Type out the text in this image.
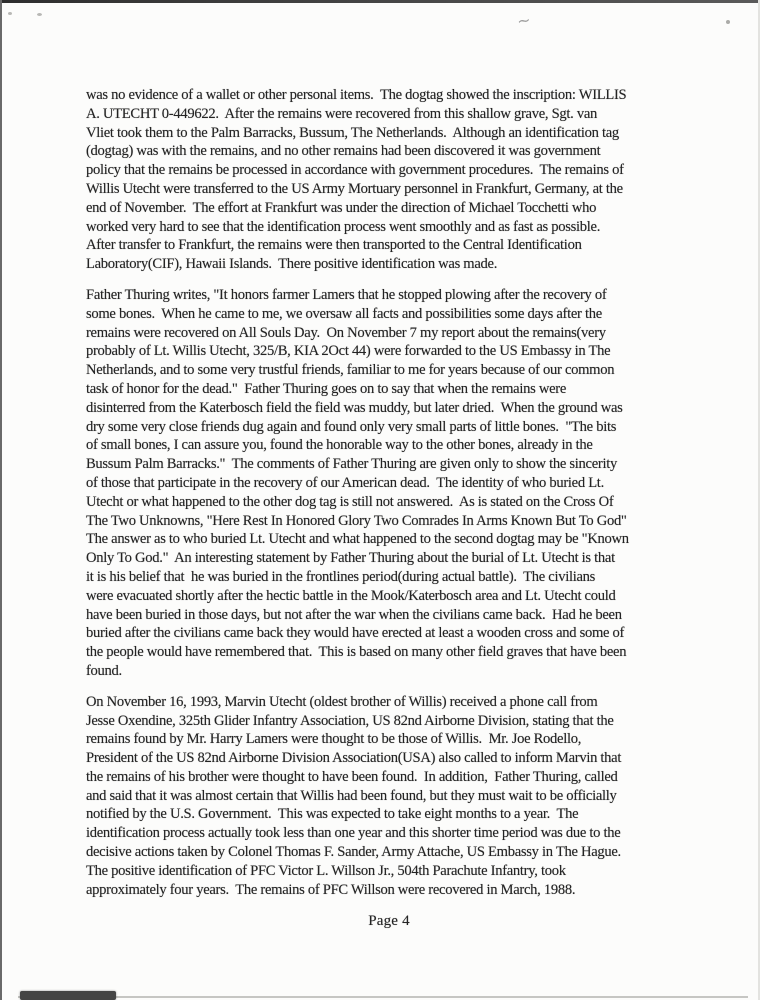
~
was no evidence of a wallet or other personal items.  The dogtag showed the inscription: WILLIS
A. UTECHT 0-449622.  After the remains were recovered from this shallow grave, Sgt. van
Vliet took them to the Palm Barracks, Bussum, The Netherlands.  Although an identification tag
(dogtag) was with the remains, and no other remains had been discovered it was government
policy that the remains be processed in accordance with government procedures.  The remains of
Willis Utecht were transferred to the US Army Mortuary personnel in Frankfurt, Germany, at the
end of November.  The effort at Frankfurt was under the direction of Michael Tocchetti who
worked very hard to see that the identification process went smoothly and as fast as possible.
After transfer to Frankfurt, the remains were then transported to the Central Identification
Laboratory(CIF), Hawaii Islands.  There positive identification was made.
Father Thuring writes, "It honors farmer Lamers that he stopped plowing after the recovery of
some bones.  When he came to me, we oversaw all facts and possibilities some days after the
remains were recovered on All Souls Day.  On November 7 my report about the remains(very
probably of Lt. Willis Utecht, 325/B, KIA 2Oct 44) were forwarded to the US Embassy in The
Netherlands, and to some very trustful friends, familiar to me for years because of our common
task of honor for the dead."  Father Thuring goes on to say that when the remains were
disinterred from the Katerbosch field the field was muddy, but later dried.  When the ground was
dry some very close friends dug again and found only very small parts of little bones.  "The bits
of small bones, I can assure you, found the honorable way to the other bones, already in the
Bussum Palm Barracks."  The comments of Father Thuring are given only to show the sincerity
of those that participate in the recovery of our American dead.  The identity of who buried Lt.
Utecht or what happened to the other dog tag is still not answered.  As is stated on the Cross Of
The Two Unknowns, "Here Rest In Honored Glory Two Comrades In Arms Known But To God"
The answer as to who buried Lt. Utecht and what happened to the second dogtag may be "Known
Only To God."  An interesting statement by Father Thuring about the burial of Lt. Utecht is that
it is his belief that  he was buried in the frontlines period(during actual battle).  The civilians
were evacuated shortly after the hectic battle in the Mook/Katerbosch area and Lt. Utecht could
have been buried in those days, but not after the war when the civilians came back.  Had he been
buried after the civilians came back they would have erected at least a wooden cross and some of
the people would have remembered that.  This is based on many other field graves that have been
found.
On November 16, 1993, Marvin Utecht (oldest brother of Willis) received a phone call from
Jesse Oxendine, 325th Glider Infantry Association, US 82nd Airborne Division, stating that the
remains found by Mr. Harry Lamers were thought to be those of Willis.  Mr. Joe Rodello,
President of the US 82nd Airborne Division Association(USA) also called to inform Marvin that
the remains of his brother were thought to have been found.  In addition,  Father Thuring, called
and said that it was almost certain that Willis had been found, but they must wait to be officially
notified by the U.S. Government.  This was expected to take eight months to a year.  The
identification process actually took less than one year and this shorter time period was due to the
decisive actions taken by Colonel Thomas F. Sander, Army Attache, US Embassy in The Hague.
The positive identification of PFC Victor L. Willson Jr., 504th Parachute Infantry, took
approximately four years.  The remains of PFC Willson were recovered in March, 1988.
Page 4
